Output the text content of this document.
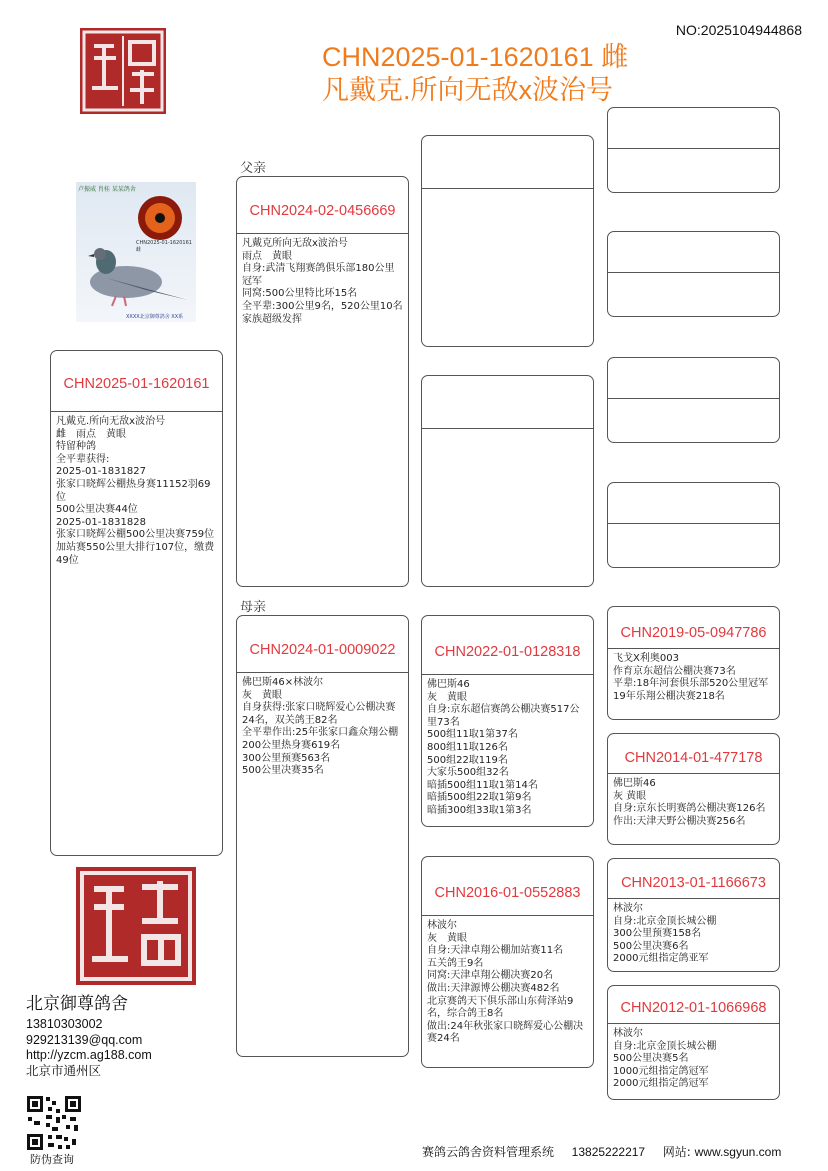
NO:2025104944868
CHN2025-01-1620161 雌
凡戴克.所向无敌x波治号
卢振威 肖桂 某某鸽舍
CHN2025-01-1620161雌
XXXX北京御尊鸽舍 XX系
CHN2025-01-1620161
凡戴克.所向无敌x波治号
雌　雨点　黄眼
特留种鸽
全平辈获得:
2025-01-1831827
张家口晓辉公棚热身赛11152羽69位
500公里决赛44位
2025-01-1831828
张家口晓辉公棚500公里决赛759位
加站赛550公里大排行107位，缴费49位
父亲
CHN2024-02-0456669
凡戴克所向无敌x波治号
雨点　黄眼
自身:武清飞翔赛鸽俱乐部180公里冠军
同窝:500公里特比环15名
全平辈:300公里9名，520公里10名
家族超级发挥
母亲
CHN2024-01-0009022
佛巴斯46×林波尔
灰　黄眼
自身获得:张家口晓辉爱心公棚决赛24名，双关鸽王82名
全平辈作出:25年张家口鑫众翔公棚
200公里热身赛619名
300公里预赛563名
500公里决赛35名
CHN2022-01-0128318
佛巴斯46
灰　黄眼
自身:京东超信赛鸽公棚决赛517公里73名
500组11取1第37名
800组11取126名
500组22取119名
大家乐500组32名
暗插500组11取1第14名
暗插500组22取1第9名
暗插300组33取1第3名
CHN2016-01-0552883
林波尔
灰　黄眼
自身:天津卓翔公棚加站赛11名
五关鸽王9名
同窝:天津卓翔公棚决赛20名
做出:天津源博公棚决赛482名
北京赛鸽天下俱乐部山东荷泽站9名，综合鸽王8名
做出:24年秋张家口晓辉爱心公棚决赛24名
CHN2019-05-0947786
飞戈X利奥003
作育京东超信公棚决赛73名
平辈:18年河套俱乐部520公里冠军
19年乐翔公棚决赛218名
CHN2014-01-477178
佛巴斯46
灰 黄眼
自身:京东长明赛鸽公棚决赛126名
作出:天津天野公棚决赛256名
CHN2013-01-1166673
林波尔
自身:北京金顶长城公棚
300公里预赛158名
500公里决赛6名
2000元组指定鸽亚军
CHN2012-01-1066968
林波尔
自身:北京金顶长城公棚
500公里决赛5名
1000元组指定鸽冠军
2000元组指定鸽冠军
北京御尊鸽舍
13810303002
929213139@qq.com
http://yzcm.ag188.com
北京市通州区
防伪查询
赛鸽云鸽舍资料管理系统 13825222217 网站: www.sgyun.com
